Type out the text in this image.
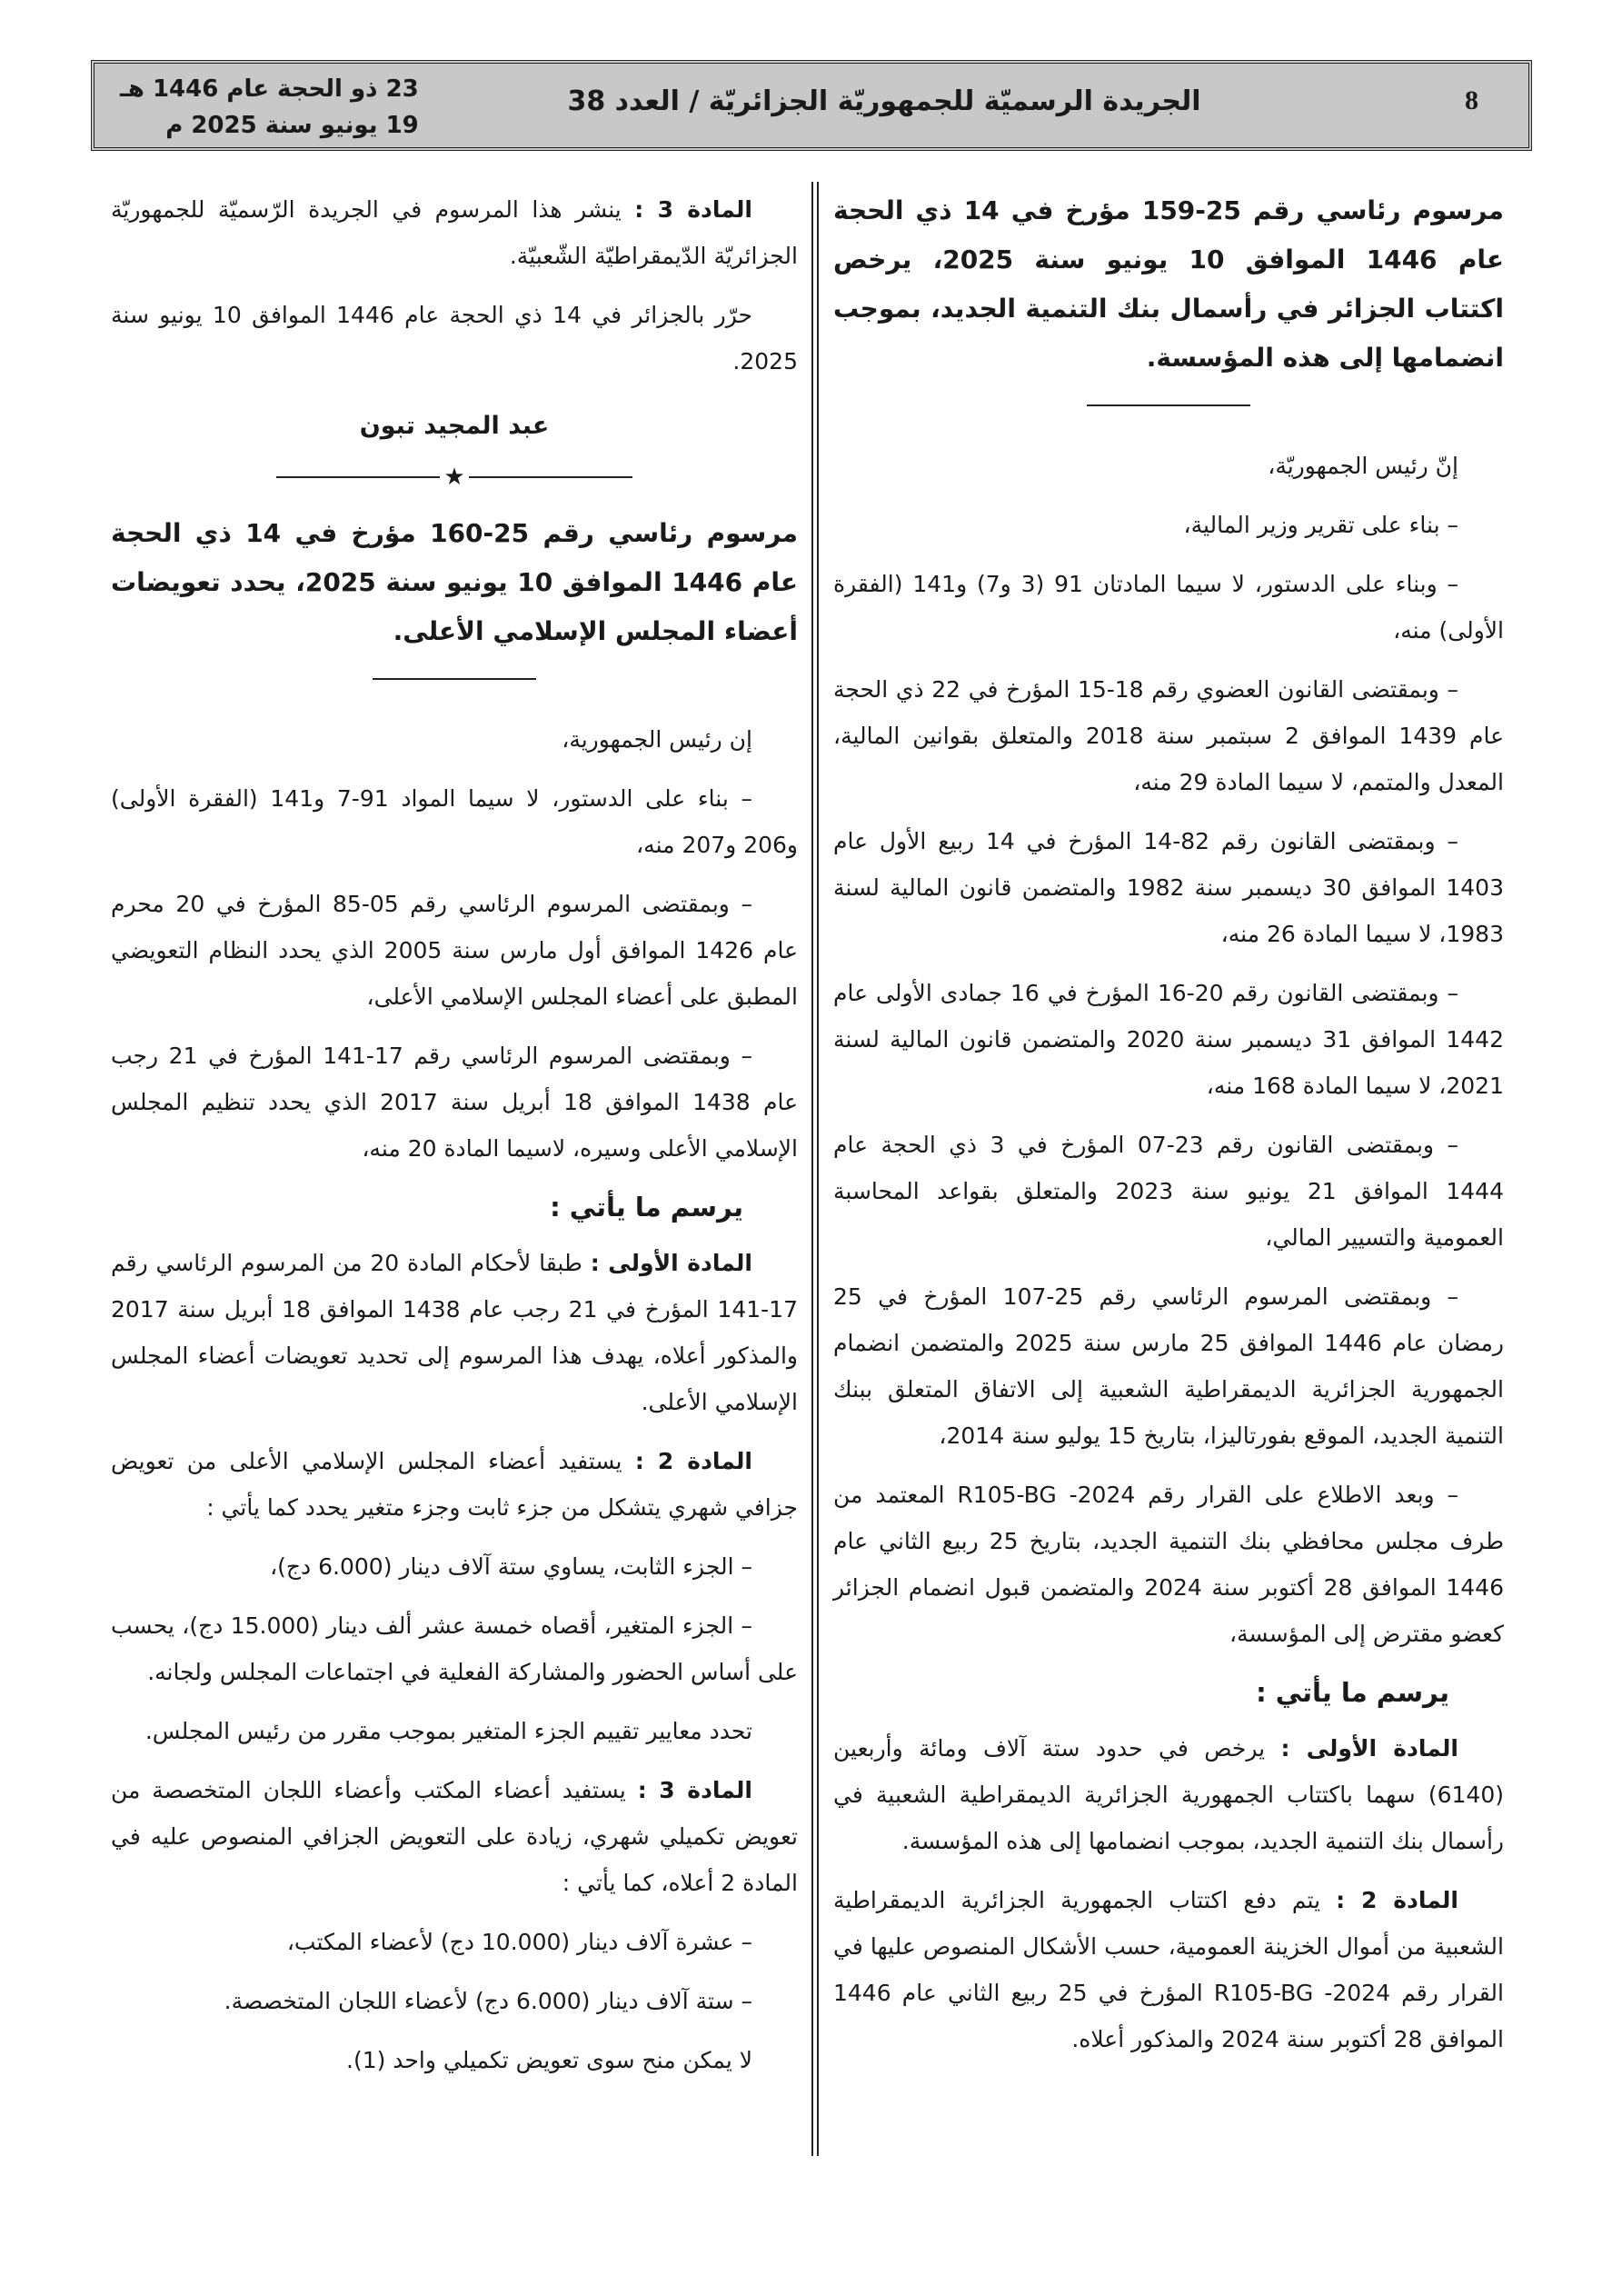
8
الجريدة الرسميّة للجمهوريّة الجزائريّة / العدد 38
23 ذو الحجة عام 1446 هـ
19 يونيو سنة 2025 م
مرسوم رئاسي رقم 25-159 مؤرخ في 14 ذي الحجة عام 1446 الموافق 10 يونيو سنة 2025، يرخص اكتتاب الجزائر في رأسمال بنك التنمية الجديد، بموجب انضمامها إلى هذه المؤسسة.

إنّ رئيس الجمهوريّة،

– بناء على تقرير وزير المالية،

– وبناء على الدستور، لا سيما المادتان 91 (3 و7) و141 (الفقرة الأولى) منه،

– وبمقتضى القانون العضوي رقم 18-15 المؤرخ في 22 ذي الحجة عام 1439 الموافق 2 سبتمبر سنة 2018 والمتعلق بقوانين المالية، المعدل والمتمم، لا سيما المادة 29 منه،

– وبمقتضى القانون رقم 82-14 المؤرخ في 14 ربيع الأول عام 1403 الموافق 30 ديسمبر سنة 1982 والمتضمن قانون المالية لسنة 1983، لا سيما المادة 26 منه،

– وبمقتضى القانون رقم 20-16 المؤرخ في 16 جمادى الأولى عام 1442 الموافق 31 ديسمبر سنة 2020 والمتضمن قانون المالية لسنة 2021، لا سيما المادة 168 منه،

– وبمقتضى القانون رقم 23-07 المؤرخ في 3 ذي الحجة عام 1444 الموافق 21 يونيو سنة 2023 والمتعلق بقواعد المحاسبة العمومية والتسيير المالي،

– وبمقتضى المرسوم الرئاسي رقم 25-107 المؤرخ في 25 رمضان عام 1446 الموافق 25 مارس سنة 2025 والمتضمن انضمام الجمهورية الجزائرية الديمقراطية الشعبية إلى الاتفاق المتعلق ببنك التنمية الجديد، الموقع بفورتاليزا، بتاريخ 15 يوليو سنة 2014،

– وبعد الاطلاع على القرار رقم R105-BG -2024 المعتمد من طرف مجلس محافظي بنك التنمية الجديد، بتاريخ 25 ربيع الثاني عام 1446 الموافق 28 أكتوبر سنة 2024 والمتضمن قبول انضمام الجزائر كعضو مقترض إلى المؤسسة،

يرسم ما يأتي :

المادة الأولى : يرخص في حدود ستة آلاف ومائة وأربعين (6140) سهما باكتتاب الجمهورية الجزائرية الديمقراطية الشعبية في رأسمال بنك التنمية الجديد، بموجب انضمامها إلى هذه المؤسسة.

المادة 2 : يتم دفع اكتتاب الجمهورية الجزائرية الديمقراطية الشعبية من أموال الخزينة العمومية، حسب الأشكال المنصوص عليها في القرار رقم R105-BG -2024 المؤرخ في 25 ربيع الثاني عام 1446 الموافق 28 أكتوبر سنة 2024 والمذكور أعلاه.

المادة 3 : ينشر هذا المرسوم في الجريدة الرّسميّة للجمهوريّة الجزائريّة الدّيمقراطيّة الشّعبيّة.

حرّر بالجزائر في 14 ذي الحجة عام 1446 الموافق 10 يونيو سنة 2025.

عبد المجيد تبون
★
مرسوم رئاسي رقم 25-160 مؤرخ في 14 ذي الحجة عام 1446 الموافق 10 يونيو سنة 2025، يحدد تعويضات أعضاء المجلس الإسلامي الأعلى.

إن رئيس الجمهورية،

– بناء على الدستور، لا سيما المواد 91-7 و141 (الفقرة الأولى) و206 و207 منه،

– وبمقتضى المرسوم الرئاسي رقم 05-85 المؤرخ في 20 محرم عام 1426 الموافق أول مارس سنة 2005 الذي يحدد النظام التعويضي المطبق على أعضاء المجلس الإسلامي الأعلى،

– وبمقتضى المرسوم الرئاسي رقم 17-141 المؤرخ في 21 رجب عام 1438 الموافق 18 أبريل سنة 2017 الذي يحدد تنظيم المجلس الإسلامي الأعلى وسيره، لاسيما المادة 20 منه،

يرسم ما يأتي :

المادة الأولى : طبقا لأحكام المادة 20 من المرسوم الرئاسي رقم 17-141 المؤرخ في 21 رجب عام 1438 الموافق 18 أبريل سنة 2017 والمذكور أعلاه، يهدف هذا المرسوم إلى تحديد تعويضات أعضاء المجلس الإسلامي الأعلى.

المادة 2 : يستفيد أعضاء المجلس الإسلامي الأعلى من تعويض جزافي شهري يتشكل من جزء ثابت وجزء متغير يحدد كما يأتي :

– الجزء الثابت، يساوي ستة آلاف دينار (6.000 دج)،

– الجزء المتغير، أقصاه خمسة عشر ألف دينار (15.000 دج)، يحسب على أساس الحضور والمشاركة الفعلية في اجتماعات المجلس ولجانه.

تحدد معايير تقييم الجزء المتغير بموجب مقرر من رئيس المجلس.

المادة 3 : يستفيد أعضاء المكتب وأعضاء اللجان المتخصصة من تعويض تكميلي شهري، زيادة على التعويض الجزافي المنصوص عليه في المادة 2 أعلاه، كما يأتي :

– عشرة آلاف دينار (10.000 دج) لأعضاء المكتب،

– ستة آلاف دينار (6.000 دج) لأعضاء اللجان المتخصصة.

لا يمكن منح سوى تعويض تكميلي واحد (1).
